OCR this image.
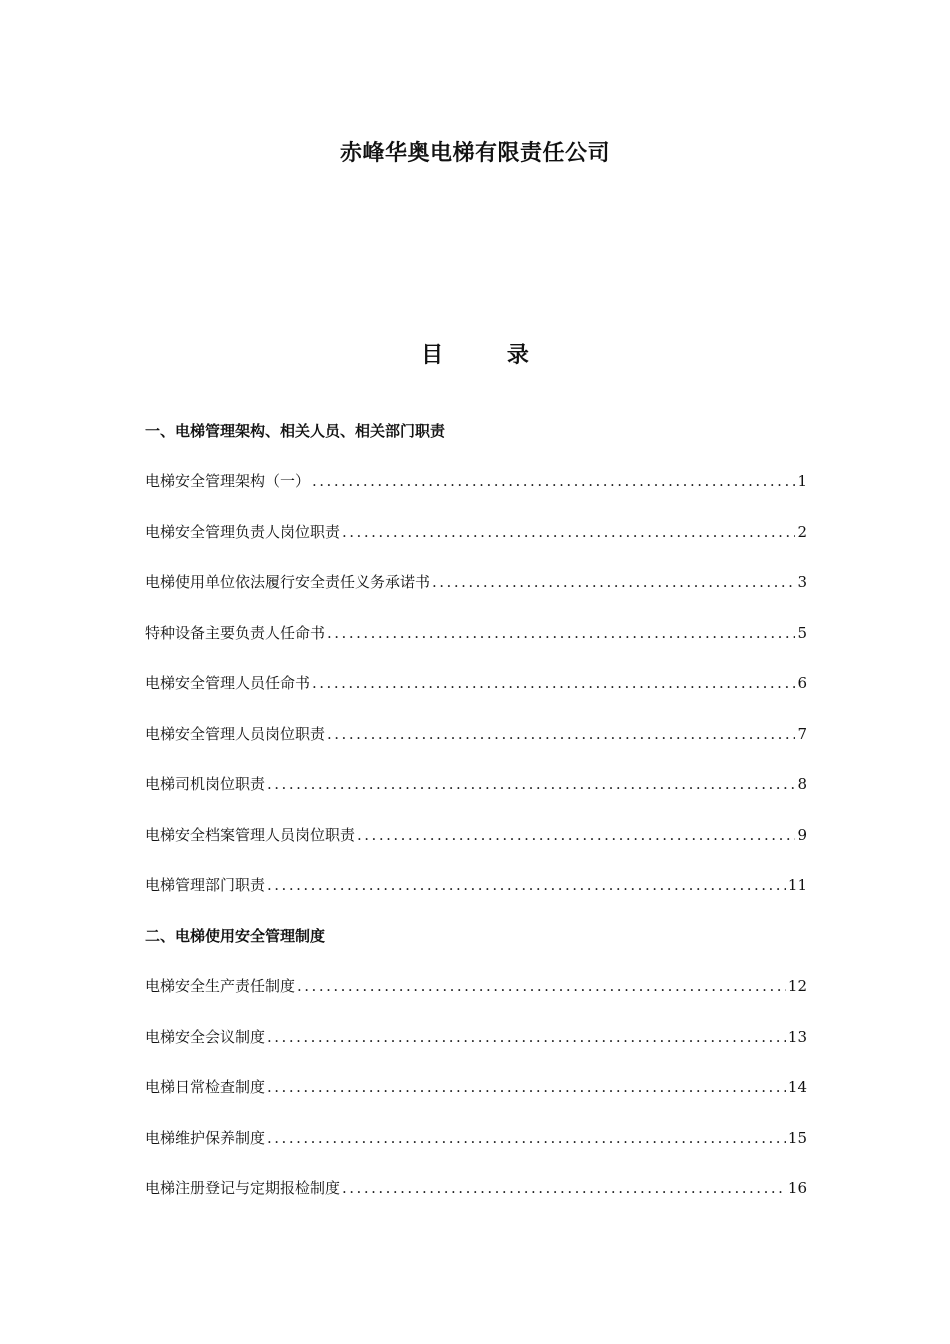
赤峰华奥电梯有限责任公司
目 录
一、电梯管理架构、相关人员、相关部门职责
电梯安全管理架构（一） .....	1
电梯安全管理负责人岗位职责 .....	2
电梯使用单位依法履行安全责任义务承诺书 .....	3
特种设备主要负责人任命书 .....	5
电梯安全管理人员任命书 .....	6
电梯安全管理人员岗位职责 .....	7
电梯司机岗位职责 .....	8
电梯安全档案管理人员岗位职责 .....	9
电梯管理部门职责 .....	11
二、电梯使用安全管理制度
电梯安全生产责任制度 .....	12
电梯安全会议制度 .....	13
电梯日常检查制度 .....	14
电梯维护保养制度 .....	15
电梯注册登记与定期报检制度 .....	16
